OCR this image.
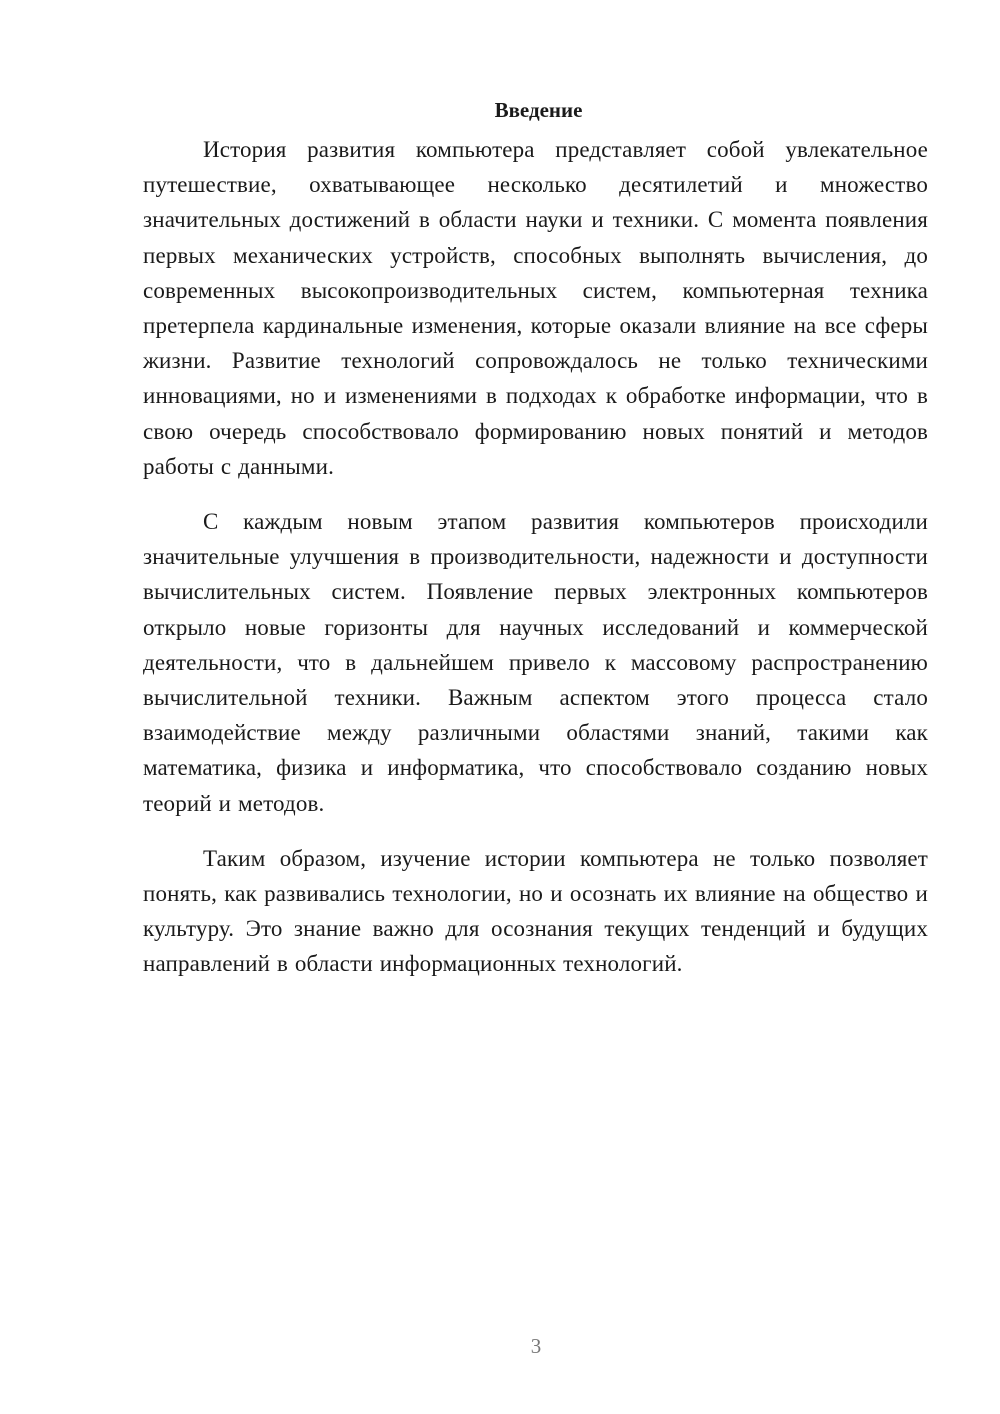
Введение

История развития компьютера представляет собой увлекательное путешествие, охватывающее несколько десятилетий и множество значительных достижений в области науки и техники. С момента появления первых механических устройств, способных выполнять вычисления, до современных высокопроизводительных систем, компьютерная техника претерпела кардинальные изменения, которые оказали влияние на все сферы жизни. Развитие технологий сопровождалось не только техническими инновациями, но и изменениями в подходах к обработке информации, что в свою очередь способствовало формированию новых понятий и методов работы с данными.

С каждым новым этапом развития компьютеров происходили значительные улучшения в производительности, надежности и доступности вычислительных систем. Появление первых электронных компьютеров открыло новые горизонты для научных исследований и коммерческой деятельности, что в дальнейшем привело к массовому распространению вычислительной техники. Важным аспектом этого процесса стало взаимодействие между различными областями знаний, такими как математика, физика и информатика, что способствовало созданию новых теорий и методов.

Таким образом, изучение истории компьютера не только позволяет понять, как развивались технологии, но и осознать их влияние на общество и культуру. Это знание важно для осознания текущих тенденций и будущих направлений в области информационных технологий.

3
